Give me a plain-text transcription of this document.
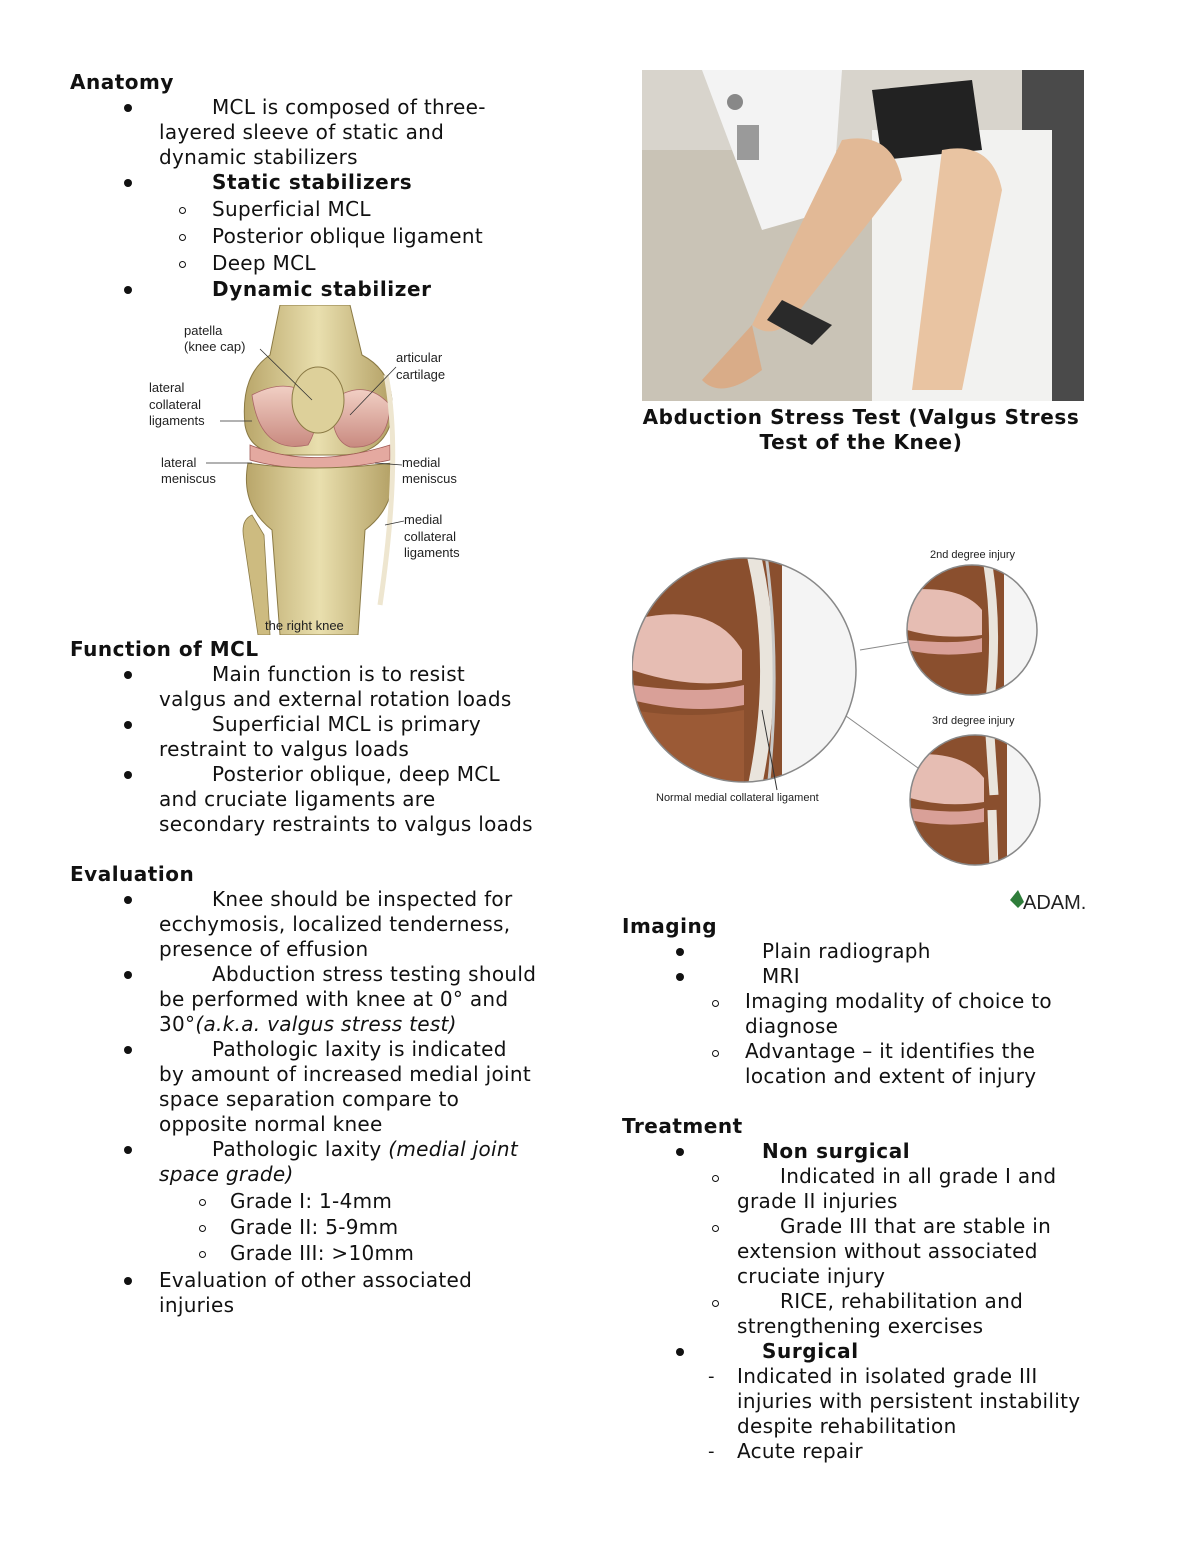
Anatomy
MCL is composed of three-
layered sleeve of static and
dynamic stabilizers
Static stabilizers
Superficial MCL
Posterior oblique ligament
Deep MCL
Dynamic stabilizer
patella
(knee cap)
articular
cartilage
lateral
collateral
ligaments
lateral
meniscus
medial
meniscus
medial
collateral
ligaments
the right knee
Function of MCL
Main function is to resist
valgus and external rotation loads
Superficial MCL is primary
restraint to valgus loads
Posterior oblique, deep MCL
and cruciate ligaments are
secondary restraints to valgus loads
Evaluation
Knee should be inspected for
ecchymosis, localized tenderness,
presence of effusion
Abduction stress testing should
be performed with knee at 0° and
30°(a.k.a. valgus stress test)
Pathologic laxity is indicated
by amount of increased medial joint
space separation compare to
opposite normal knee
Pathologic laxity (medial joint
space grade)
Grade I: 1-4mm
Grade II: 5-9mm
Grade III: >10mm
Evaluation of other associated
injuries
Abduction Stress Test (Valgus Stress
Test of the Knee)
2nd degree injury
3rd degree injury
Normal medial collateral ligament
ADAM.
Imaging
Plain radiograph
MRI
Imaging modality of choice to
diagnose
Advantage – it identifies the
location and extent of injury
Treatment
Non surgical
Indicated in all grade I and
grade II injuries
Grade III that are stable in
extension without associated
cruciate injury
RICE, rehabilitation and
strengthening exercises
Surgical
-	Indicated in isolated grade III
injuries with persistent instability
despite rehabilitation
-	Acute repair
